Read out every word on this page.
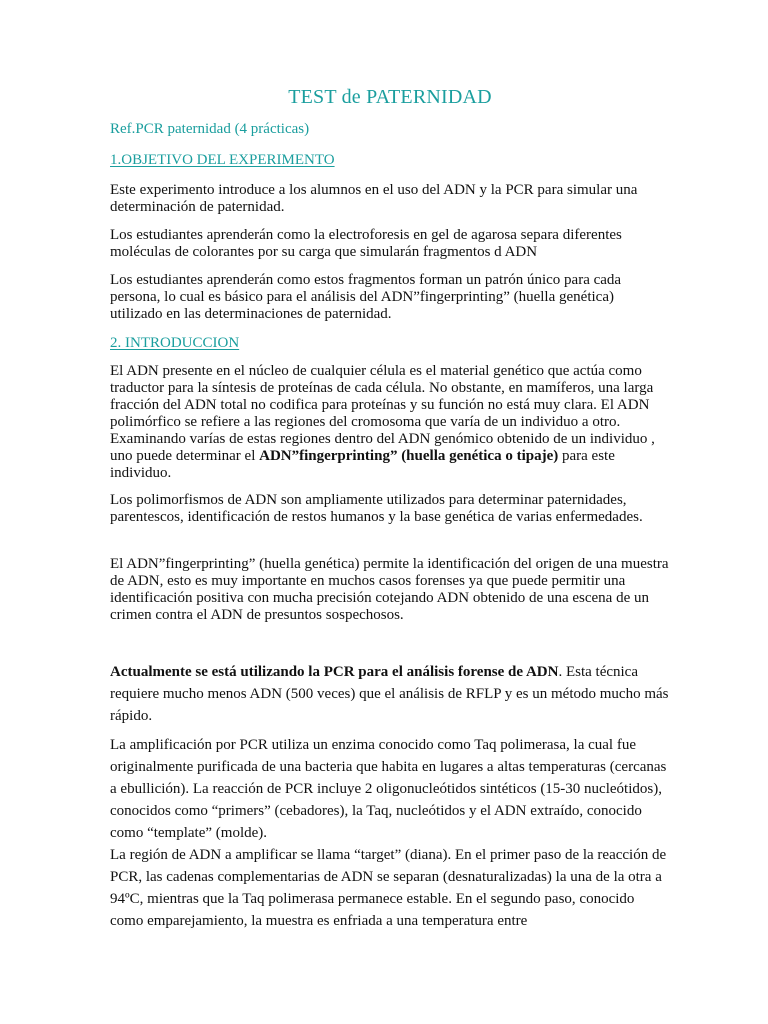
TEST de PATERNIDAD

Ref.PCR paternidad (4 prácticas)

1.OBJETIVO DEL EXPERIMENTO

Este experimento introduce a los alumnos en el uso del ADN y la PCR para simular una determinación de paternidad.

Los estudiantes aprenderán como la electroforesis en gel de agarosa separa diferentes moléculas de colorantes por su carga que simularán fragmentos d ADN

Los estudiantes aprenderán como estos fragmentos forman un patrón único para cada persona, lo cual es básico para el análisis del ADN”fingerprinting” (huella genética) utilizado en las determinaciones de paternidad.

2. INTRODUCCION

El ADN presente en el núcleo de cualquier célula es el material genético que actúa como traductor para la síntesis de proteínas de cada célula. No obstante, en mamíferos, una larga fracción del ADN total no codifica para proteínas y su función no está muy clara. El ADN polimórfico se refiere a las regiones del cromosoma que varía de un individuo a otro. Examinando varías de estas regiones dentro del ADN genómico obtenido de un individuo , uno puede determinar el ADN”fingerprinting” (huella genética o tipaje) para este individuo.

Los polimorfismos de ADN son ampliamente utilizados para determinar paternidades, parentescos, identificación de restos humanos y la base genética de varias enfermedades.

El ADN”fingerprinting” (huella genética) permite la identificación del origen de una muestra de ADN, esto es muy importante en muchos casos forenses ya que puede permitir una identificación positiva con mucha precisión cotejando ADN obtenido de una escena de un crimen contra el ADN de presuntos sospechosos.

Actualmente se está utilizando la PCR para el análisis forense de ADN. Esta técnica requiere mucho menos ADN (500 veces) que el análisis de RFLP y es un método mucho más rápido.

La amplificación por PCR utiliza un enzima conocido como Taq polimerasa, la cual fue originalmente purificada de una bacteria que habita en lugares a altas temperaturas (cercanas a ebullición). La reacción de PCR incluye 2 oligonucleótidos sintéticos (15-30 nucleótidos), conocidos como “primers” (cebadores), la Taq, nucleótidos y el ADN extraído, conocido como “template” (molde).

La región de ADN a amplificar se llama “target” (diana). En el primer paso de la reacción de PCR, las cadenas complementarias de ADN se separan (desnaturalizadas) la una de la otra a 94ºC, mientras que la Taq polimerasa permanece estable. En el segundo paso, conocido como emparejamiento, la muestra es enfriada a una temperatura entre
